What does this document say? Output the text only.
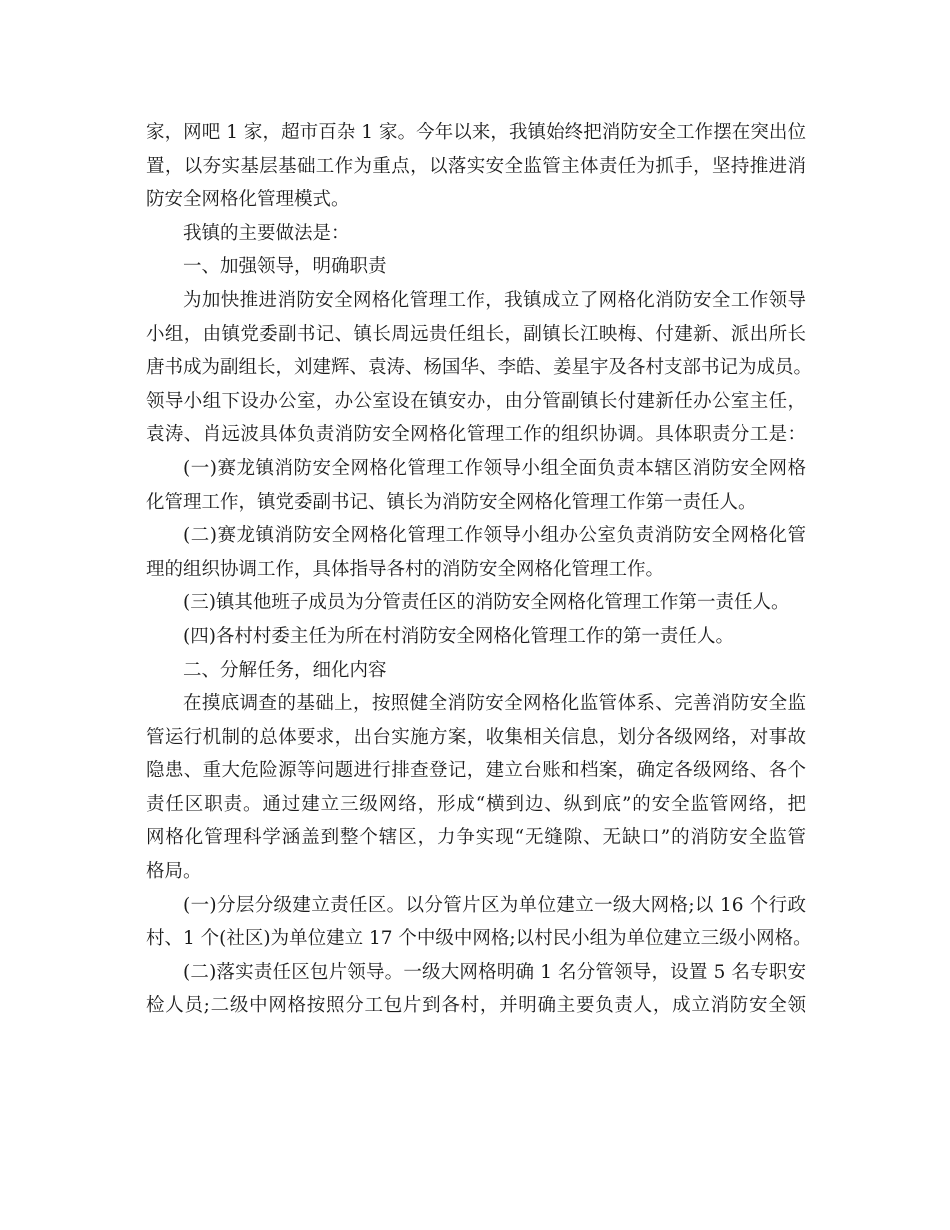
家，网吧 1 家，超市百杂 1 家。今年以来，我镇始终把消防安全工作摆在突出位
置，以夯实基层基础工作为重点，以落实安全监管主体责任为抓手，坚持推进消
防安全网格化管理模式。
我镇的主要做法是：
一、加强领导，明确职责
为加快推进消防安全网格化管理工作，我镇成立了网格化消防安全工作领导
小组，由镇党委副书记、镇长周远贵任组长，副镇长江映梅、付建新、派出所长
唐书成为副组长，刘建辉、袁涛、杨国华、李皓、姜星宇及各村支部书记为成员。
领导小组下设办公室，办公室设在镇安办，由分管副镇长付建新任办公室主任，
袁涛、肖远波具体负责消防安全网格化管理工作的组织协调。具体职责分工是：
(一)赛龙镇消防安全网格化管理工作领导小组全面负责本辖区消防安全网格
化管理工作，镇党委副书记、镇长为消防安全网格化管理工作第一责任人。
(二)赛龙镇消防安全网格化管理工作领导小组办公室负责消防安全网格化管
理的组织协调工作，具体指导各村的消防安全网格化管理工作。
(三)镇其他班子成员为分管责任区的消防安全网格化管理工作第一责任人。
(四)各村村委主任为所在村消防安全网格化管理工作的第一责任人。
二、分解任务，细化内容
在摸底调查的基础上，按照健全消防安全网格化监管体系、完善消防安全监
管运行机制的总体要求，出台实施方案，收集相关信息，划分各级网络，对事故
隐患、重大危险源等问题进行排查登记，建立台账和档案，确定各级网络、各个
责任区职责。通过建立三级网络，形成“横到边、纵到底”的安全监管网络，把
网格化管理科学涵盖到整个辖区，力争实现“无缝隙、无缺口”的消防安全监管
格局。
(一)分层分级建立责任区。以分管片区为单位建立一级大网格;以 16 个行政
村、1 个(社区)为单位建立 17 个中级中网格;以村民小组为单位建立三级小网格。
(二)落实责任区包片领导。一级大网格明确 1 名分管领导，设置 5 名专职安
检人员;二级中网格按照分工包片到各村，并明确主要负责人，成立消防安全领
